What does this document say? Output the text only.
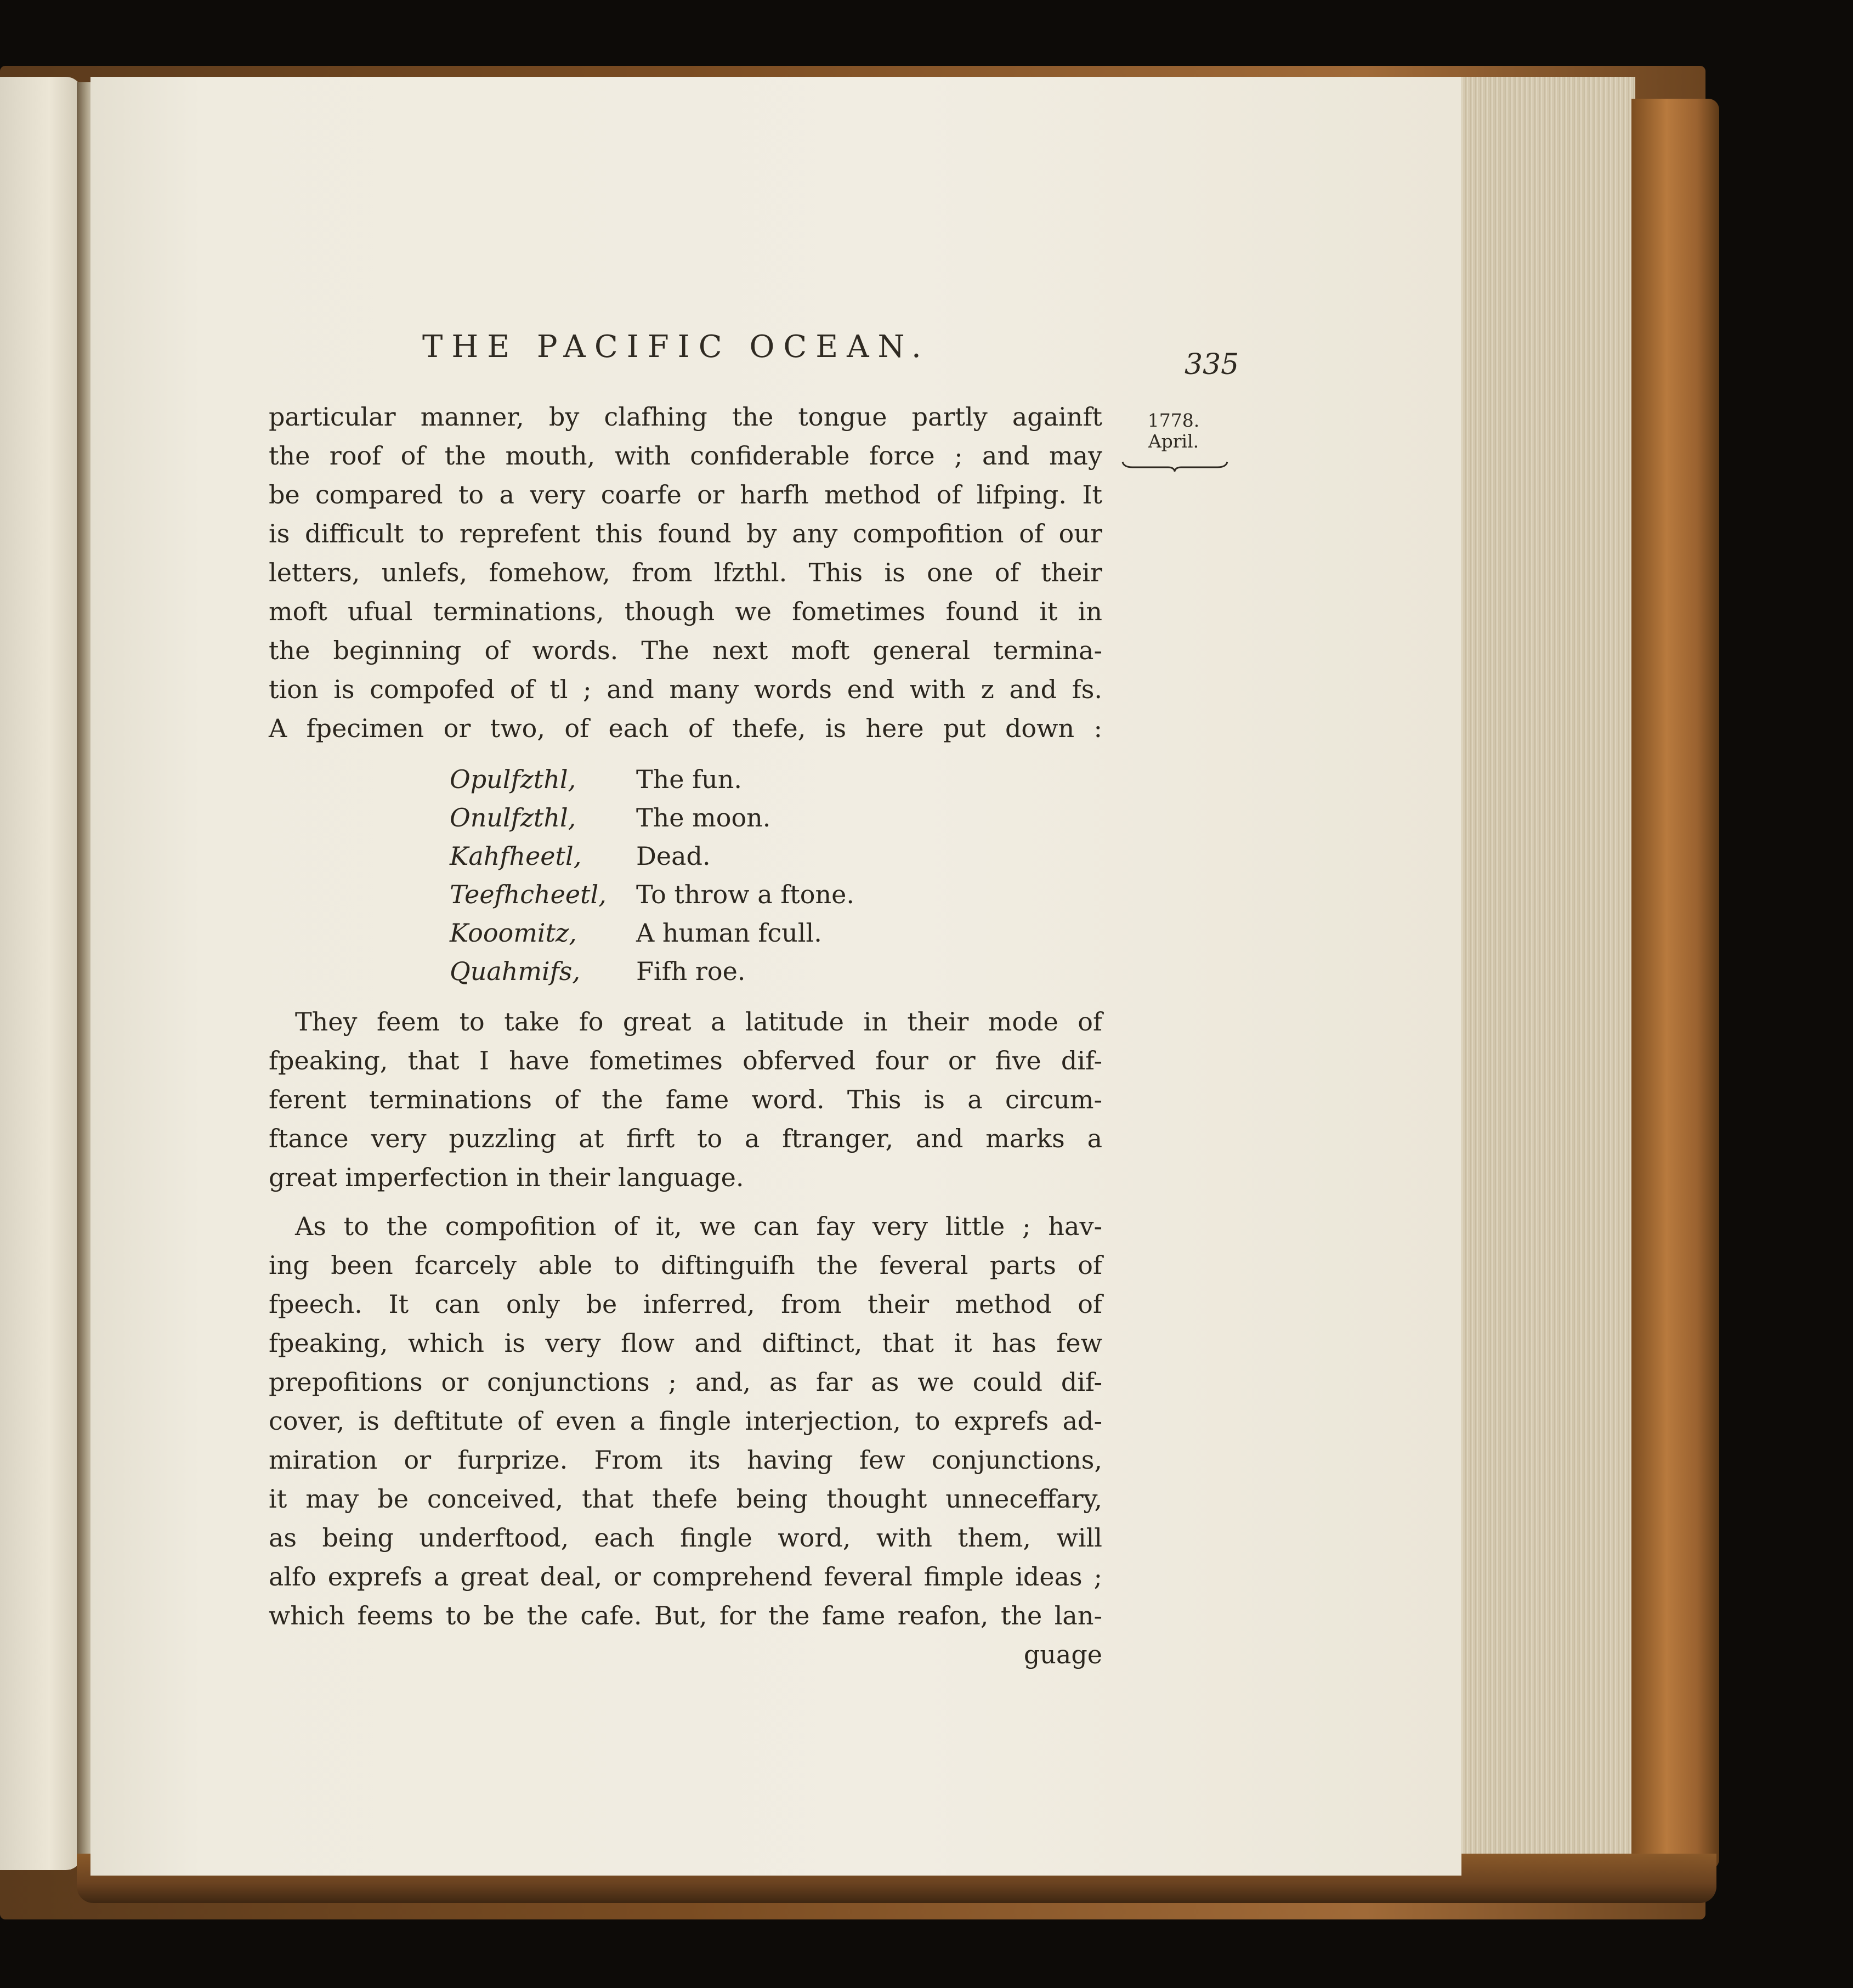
THE PACIFIC OCEAN.	335
1778.
April.

particular manner, by clafhing the tongue partly againft
the roof of the mouth, with confiderable force ; and may
be compared to a very coarfe or harfh method of lifping. It
is difficult to reprefent this found by any compofition of our
letters, unlefs, fomehow, from lfzthl. This is one of their
moft ufual terminations, though we fometimes found it in
the beginning of words. The next moft general termina-
tion is compofed of tl ; and many words end with z and fs.
A fpecimen or two, of each of thefe, is here put down :

Opulfzthl,	The fun.
Onulfzthl,	The moon.
Kahfheetl,	Dead.
Teefhcheetl,	To throw a ftone.
Kooomitz,	A human fcull.
Quahmifs,	Fifh roe.

They feem to take fo great a latitude in their mode of
fpeaking, that I have fometimes obferved four or five dif-
ferent terminations of the fame word. This is a circum-
ftance very puzzling at firft to a ftranger, and marks a
great imperfection in their language.

As to the compofition of it, we can fay very little ; hav-
ing been fcarcely able to diftinguifh the feveral parts of
fpeech. It can only be inferred, from their method of
fpeaking, which is very flow and diftinct, that it has few
prepofitions or conjunctions ; and, as far as we could dif-
cover, is deftitute of even a fingle interjection, to exprefs ad-
miration or furprize. From its having few conjunctions,
it may be conceived, that thefe being thought unneceffary,
as being underftood, each fingle word, with them, will
alfo exprefs a great deal, or comprehend feveral fimple ideas ;
which feems to be the cafe. But, for the fame reafon, the lan-

guage
